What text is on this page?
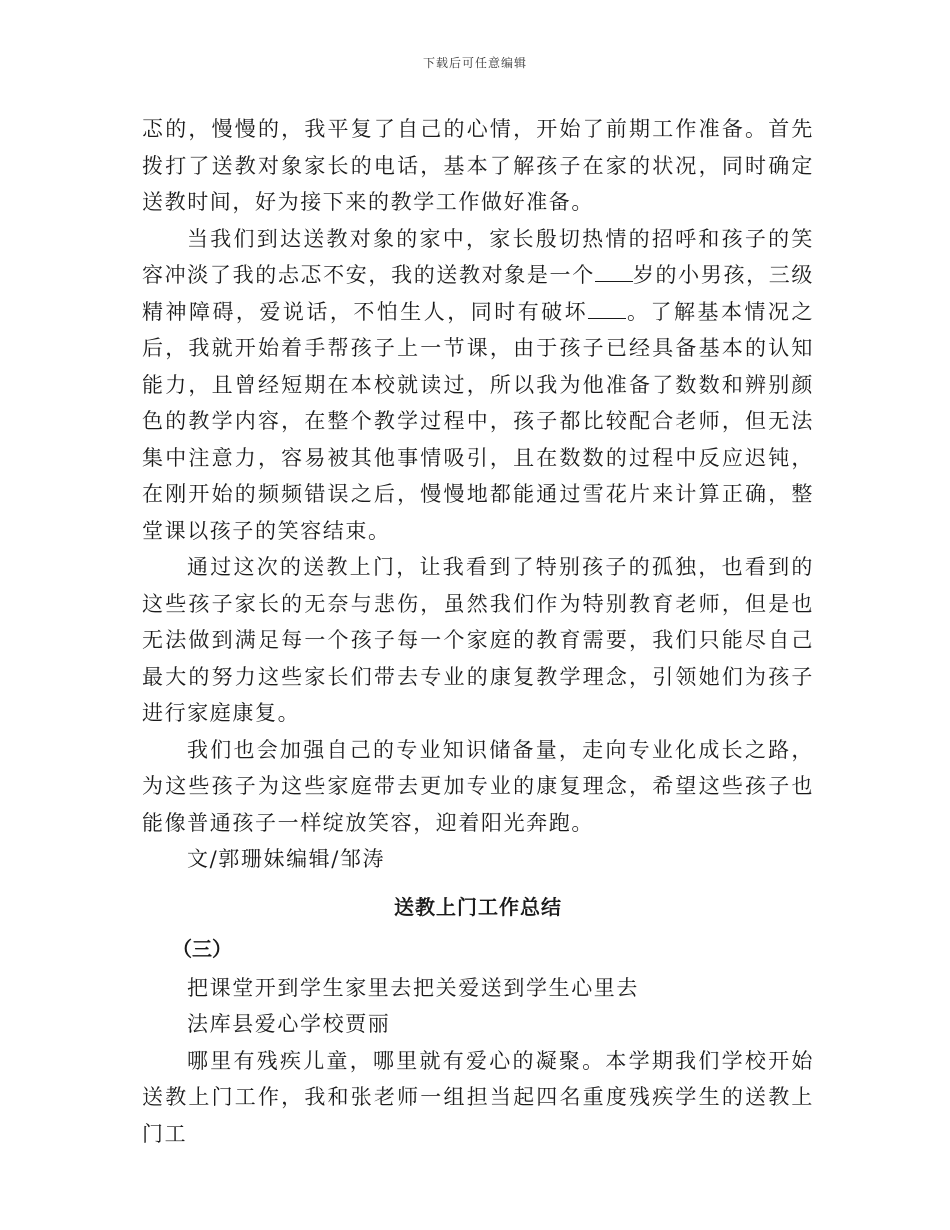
下载后可任意编辑

忑的，慢慢的，我平复了自己的心情，开始了前期工作准备。首先拨打了送教对象家长的电话，基本了解孩子在家的状况，同时确定送教时间，好为接下来的教学工作做好准备。

当我们到达送教对象的家中，家长殷切热情的招呼和孩子的笑容冲淡了我的忐忑不安，我的送教对象是一个 岁的小男孩，三级精神障碍，爱说话，不怕生人，同时有破坏 。了解基本情况之后，我就开始着手帮孩子上一节课，由于孩子已经具备基本的认知能力，且曾经短期在本校就读过，所以我为他准备了数数和辨别颜色的教学内容，在整个教学过程中，孩子都比较配合老师，但无法集中注意力，容易被其他事情吸引，且在数数的过程中反应迟钝，在刚开始的频频错误之后，慢慢地都能通过雪花片来计算正确，整堂课以孩子的笑容结束。

通过这次的送教上门，让我看到了特别孩子的孤独，也看到的这些孩子家长的无奈与悲伤，虽然我们作为特别教育老师，但是也无法做到满足每一个孩子每一个家庭的教育需要，我们只能尽自己最大的努力这些家长们带去专业的康复教学理念，引领她们为孩子进行家庭康复。

我们也会加强自己的专业知识储备量，走向专业化成长之路，为这些孩子为这些家庭带去更加专业的康复理念，希望这些孩子也能像普通孩子一样绽放笑容，迎着阳光奔跑。

文/郭珊妹编辑/邹涛

送教上门工作总结

（三）

把课堂开到学生家里去把关爱送到学生心里去

法库县爱心学校贾丽

哪里有残疾儿童，哪里就有爱心的凝聚。本学期我们学校开始送教上门工作，我和张老师一组担当起四名重度残疾学生的送教上门工
